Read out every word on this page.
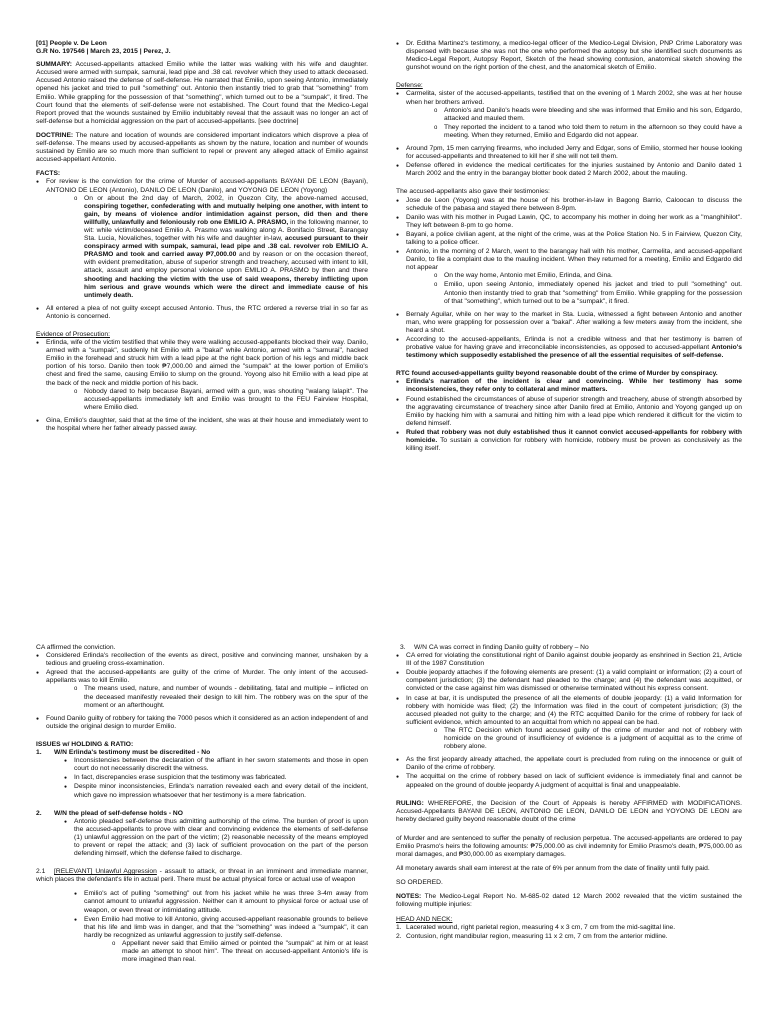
[01] People v. De Leon
G.R No. 197546 | March 23, 2015 | Perez, J.

SUMMARY: Accused-appellants attacked Emilio while the latter was walking with his wife and daughter. Accused were armed with sumpak, samurai, lead pipe and .38 cal. revolver which they used to attack deceased. Accused Antonio raised the defense of self-defense. He narrated that Emilio, upon seeing Antonio, immediately opened his jacket and tried to pull "something" out. Antonio then instantly tried to grab that "something" from Emilio. While grappling for the possession of that "something", which turned out to be a "sumpak", it fired. The Court found that the elements of self-defense were not established. The Court found that the Medico-Legal Report proved that the wounds sustained by Emilio indubitably reveal that the assault was no longer an act of self-defense but a homicidal aggression on the part of accused-appellants. [see doctrine]

DOCTRINE: The nature and location of wounds are considered important indicators which disprove a plea of self-defense. The means used by accused-appellants as shown by the nature, location and number of wounds sustained by Emilio are so much more than sufficient to repel or prevent any alleged attack of Emilio against accused-appellant Antonio.

FACTS:
● For review is the conviction for the crime of Murder of accused-appellants BAYANI DE LEON (Bayani), ANTONIO DE LEON (Antonio), DANILO DE LEON (Danilo), and YOYONG DE LEON (Yoyong)
o On or about the 2nd day of March, 2002, in Quezon City, the above-named accused, conspiring together, confederating with and mutually helping one another, with intent to gain, by means of violence and/or intimidation against person, did then and there willfully, unlawfully and feloniously rob one EMILIO A. PRASMO, in the following manner, to wit: while victim/deceased Emilio A. Prasmo was walking along A. Bonifacio Street, Barangay Sta. Lucia, Novaliches, together with his wife and daughter in-law, accused pursuant to their conspiracy armed with sumpak, samurai, lead pipe and .38 cal. revolver rob EMILIO A. PRASMO and took and carried away ₱7,000.00 and by reason or on the occasion thereof, with evident premeditation, abuse of superior strength and treachery, accused with intent to kill, attack, assault and employ personal violence upon EMILIO A. PRASMO by then and there shooting and hacking the victim with the use of said weapons, thereby inflicting upon him serious and grave wounds which were the direct and immediate cause of his untimely death.
● All entered a plea of not guilty except accused Antonio. Thus, the RTC ordered a reverse trial in so far as Antonio is concerned.
Evidence of Prosecution:
● Erlinda, wife of the victim testified that while they were walking accused-appellants blocked their way. Danilo, armed with a "sumpak", suddenly hit Emilio with a "bakal" while Antonio, armed with a "samurai", hacked Emilio in the forehead and struck him with a lead pipe at the right back portion of his legs and middle back portion of his torso. Danilo then took ₱7,000.00 and aimed the "sumpak" at the lower portion of Emilio's chest and fired the same, causing Emilio to slump on the ground. Yoyong also hit Emilio with a lead pipe at the back of the neck and middle portion of his back.
o Nobody dared to help because Bayani, armed with a gun, was shouting "walang lalapit". The accused-appellants immediately left and Emilio was brought to the FEU Fairview Hospital, where Emilio died.
● Gina, Emilio's daughter, said that at the time of the incident, she was at their house and immediately went to the hospital where her father already passed away.
● Dr. Editha Martinez's testimony, a medico-legal officer of the Medico-Legal Division, PNP Crime Laboratory was dispensed with because she was not the one who performed the autopsy but she identified such documents as Medico-Legal Report, Autopsy Report, Sketch of the head showing contusion, anatomical sketch showing the gunshot wound on the right portion of the chest, and the anatomical sketch of Emilio.
Defense:
● Carmelita, sister of the accused-appellants, testified that on the evening of 1 March 2002, she was at her house when her brothers arrived.
o Antonio's and Danilo's heads were bleeding and she was informed that Emilio and his son, Edgardo, attacked and mauled them.
o They reported the incident to a tanod who told them to return in the afternoon so they could have a meeting. When they returned, Emilio and Edgardo did not appear.
● Around 7pm, 15 men carrying firearms, who included Jerry and Edgar, sons of Emilio, stormed her house looking for accused-appellants and threatened to kill her if she will not tell them.
● Defense offered in evidence the medical certificates for the injuries sustained by Antonio and Danilo dated 1 March 2002 and the entry in the barangay blotter book dated 2 March 2002, about the mauling.
The accused-appellants also gave their testimonies:
● Jose de Leon (Yoyong) was at the house of his brother-in-law in Bagong Barrio, Caloocan to discuss the schedule of the pabasa and stayed there between 8-9pm.
● Danilo was with his mother in Pugad Lawin, QC, to accompany his mother in doing her work as a "manghihilot". They left between 8-pm to go home.
● Bayani, a police civilian agent, at the night of the crime, was at the Police Station No. 5 in Fairview, Quezon City, talking to a police officer.
● Antonio, in the morning of 2 March, went to the barangay hall with his mother, Carmelita, and accused-appellant Danilo, to file a complaint due to the mauling incident. When they returned for a meeting, Emilio and Edgardo did not appear
o On the way home, Antonio met Emilio, Erlinda, and Gina.
o Emilio, upon seeing Antonio, immediately opened his jacket and tried to pull "something" out. Antonio then instantly tried to grab that "something" from Emilio. While grappling for the possession of that "something", which turned out to be a "sumpak", it fired.
● Bernaly Aguilar, while on her way to the market in Sta. Lucia, witnessed a fight between Antonio and another man, who were grappling for possession over a "bakal". After walking a few meters away from the incident, she heard a shot.
● According to the accused-appellants, Erlinda is not a credible witness and that her testimony is barren of probative value for having grave and irreconcilable inconsistencies, as opposed to accused-appellant Antonio's testimony which supposedly established the presence of all the essential requisites of self-defense.
RTC found accused-appellants guilty beyond reasonable doubt of the crime of Murder by conspiracy.
● Erlinda's narration of the incident is clear and convincing. While her testimony has some inconsistencies, they refer only to collateral and minor matters.
● Found established the circumstances of abuse of superior strength and treachery, abuse of strength absorbed by the aggravating circumstance of treachery since after Danilo fired at Emilio, Antonio and Yoyong ganged up on Emilio by hacking him with a samurai and hitting him with a lead pipe which rendered it difficult for the victim to defend himself.
● Ruled that robbery was not duly established thus it cannot convict accused-appellants for robbery with homicide. To sustain a conviction for robbery with homicide, robbery must be proven as conclusively as the killing itself.
CA affirmed the conviction.
● Considered Erlinda's recollection of the events as direct, positive and convincing manner, unshaken by a tedious and grueling cross-examination.
● Agreed that the accused-appellants are guilty of the crime of Murder. The only intent of the accused-appellants was to kill Emilio.
o The means used, nature, and number of wounds - debilitating, fatal and multiple – inflicted on the deceased manifestly revealed their design to kill him. The robbery was on the spur of the moment or an afterthought.
● Found Danilo guilty of robbery for taking the 7000 pesos which it considered as an action independent of and outside the original design to murder Emilio.
ISSUES w/ HOLDING & RATIO:
1. W/N Erlinda's testimony must be discredited - No
● Inconsistencies between the declaration of the affiant in her sworn statements and those in open court do not necessarily discredit the witness.
● In fact, discrepancies erase suspicion that the testimony was fabricated.
● Despite minor inconsistencies, Erlinda's narration revealed each and every detail of the incident, which gave no impression whatsoever that her testimony is a mere fabrication.
2. W/N the plead of self-defense holds - NO
● Antonio pleaded self-defense thus admitting authorship of the crime. The burden of proof is upon the accused-appellants to prove with clear and convincing evidence the elements of self-defense (1) unlawful aggression on the part of the victim; (2) reasonable necessity of the means employed to prevent or repel the attack; and (3) lack of sufficient provocation on the part of the person defending himself, which the defense failed to discharge.

2.1 [RELEVANT] Unlawful Aggression - assault to attack, or threat in an imminent and immediate manner, which places the defendant's life in actual peril. There must be actual physical force or actual use of weapon

● Emilio's act of pulling "something" out from his jacket while he was three 3-4m away from cannot amount to unlawful aggression. Neither can it amount to physical force or actual use of weapon, or even threat or intimidating attitude.
● Even Emilio had motive to kill Antonio, giving accused-appellant reasonable grounds to believe that his life and limb was in danger, and that the "something" was indeed a "sumpak", it can hardly be recognized as unlawful aggression to justify self-defense.
o Appellant never said that Emilio aimed or pointed the "sumpak" at him or at least made an attempt to shoot him". The threat on accused-appellant Antonio's life is more imagined than real.
3. W/N CA was correct in finding Danilo guilty of robbery – No
● CA erred for violating the constitutional right of Danilo against double jeopardy as enshrined in Section 21, Article III of the 1987 Constitution
● Double jeopardy attaches if the following elements are present: (1) a valid complaint or information; (2) a court of competent jurisdiction; (3) the defendant had pleaded to the charge; and (4) the defendant was acquitted, or convicted or the case against him was dismissed or otherwise terminated without his express consent.
● In case at bar, it is undisputed the presence of all the elements of double jeopardy: (1) a valid Information for robbery with homicide was filed; (2) the Information was filed in the court of competent jurisdiction; (3) the accused pleaded not guilty to the charge; and (4) the RTC acquitted Danilo for the crime of robbery for lack of sufficient evidence, which amounted to an acquittal from which no appeal can be had.
o The RTC Decision which found accused guilty of the crime of murder and not of robbery with homicide on the ground of insufficiency of evidence is a judgment of acquittal as to the crime of robbery alone.
● As the first jeopardy already attached, the appellate court is precluded from ruling on the innocence or guilt of Danilo of the crime of robbery.
● The acquittal on the crime of robbery based on lack of sufficient evidence is immediately final and cannot be appealed on the ground of double jeopardy A judgment of acquittal is final and unappealable.

RULING: WHEREFORE, the Decision of the Court of Appeals is hereby AFFIRMED with MODIFICATIONS. Accused-Appellants BAYANI DE LEON, ANTONIO DE LEON, DANILO DE LEON and YOYONG DE LEON are hereby declared guilty beyond reasonable doubt of the crime

of Murder and are sentenced to suffer the penalty of reclusion perpetua. The accused-appellants are ordered to pay Emilio Prasmo's heirs the following amounts: ₱75,000.00 as civil indemnity for Emilio Prasmo's death, ₱75,000.00 as moral damages, and ₱30,000.00 as exemplary damages.

All monetary awards shall earn interest at the rate of 6% per annum from the date of finality until fully paid.

SO ORDERED.

NOTES: The Medico-Legal Report No. M-685-02 dated 12 March 2002 revealed that the victim sustained the following multiple injuries:

HEAD AND NECK:
1. Lacerated wound, right parietal region, measuring 4 x 3 cm, 7 cm from the mid-sagittal line.
2. Contusion, right mandibular region, measuring 11 x 2 cm, 7 cm from the anterior midline.
